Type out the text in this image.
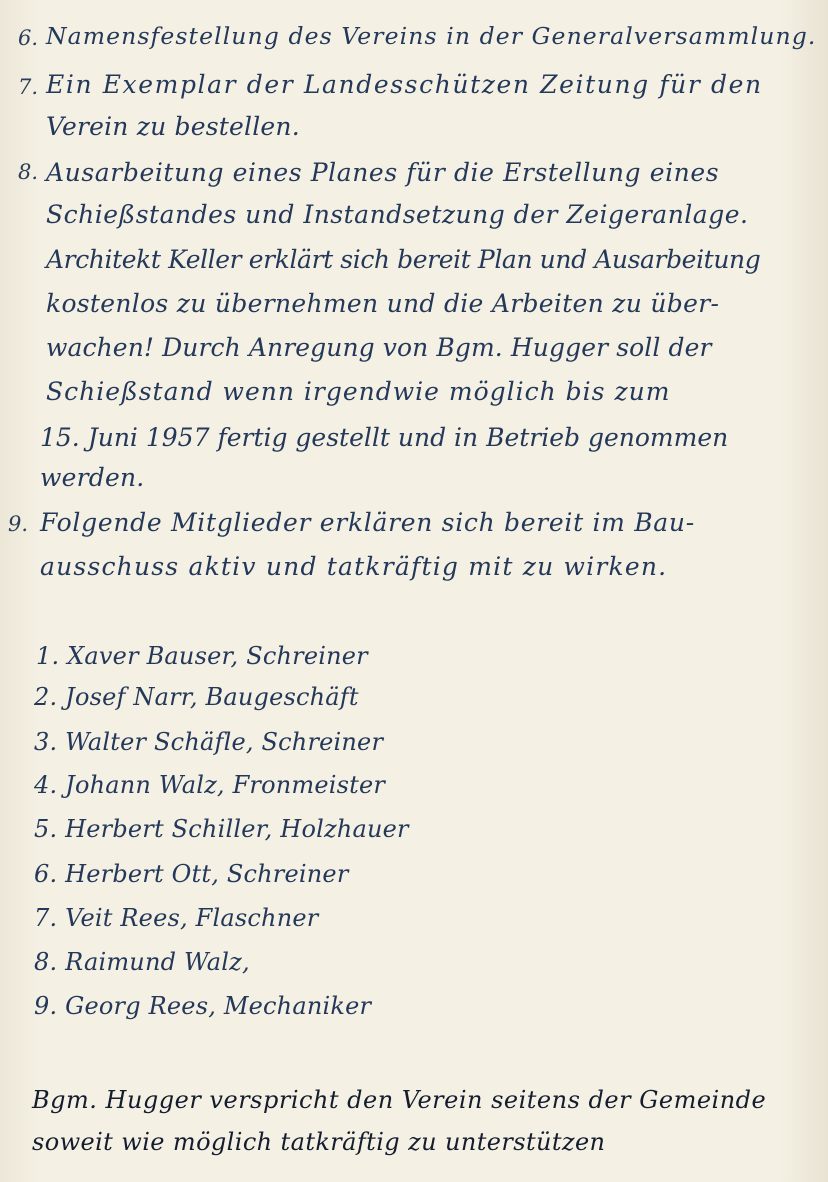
6. Namensfestellung des Vereins in der Generalversammlung.
7. Ein Exemplar der Landesschützen Zeitung für den
Verein zu bestellen.
8. Ausarbeitung eines Planes für die Erstellung eines
Schießstandes und Instandsetzung der Zeigeranlage.
Architekt Keller erklärt sich bereit Plan und Ausarbeitung
kostenlos zu übernehmen und die Arbeiten zu über-
wachen! Durch Anregung von Bgm. Hugger soll der
Schießstand wenn irgendwie möglich bis zum
15. Juni 1957 fertig gestellt und in Betrieb genommen
werden.
9. Folgende Mitglieder erklären sich bereit im Bau-
ausschuss aktiv und tatkräftig mit zu wirken.
1. Xaver Bauser, Schreiner
2. Josef Narr, Baugeschäft
3. Walter Schäfle, Schreiner
4. Johann Walz, Fronmeister
5. Herbert Schiller, Holzhauer
6. Herbert Ott, Schreiner
7. Veit Rees, Flaschner
8. Raimund Walz,
9. Georg Rees, Mechaniker
Bgm. Hugger verspricht den Verein seitens der Gemeinde
soweit wie möglich tatkräftig zu unterstützen
